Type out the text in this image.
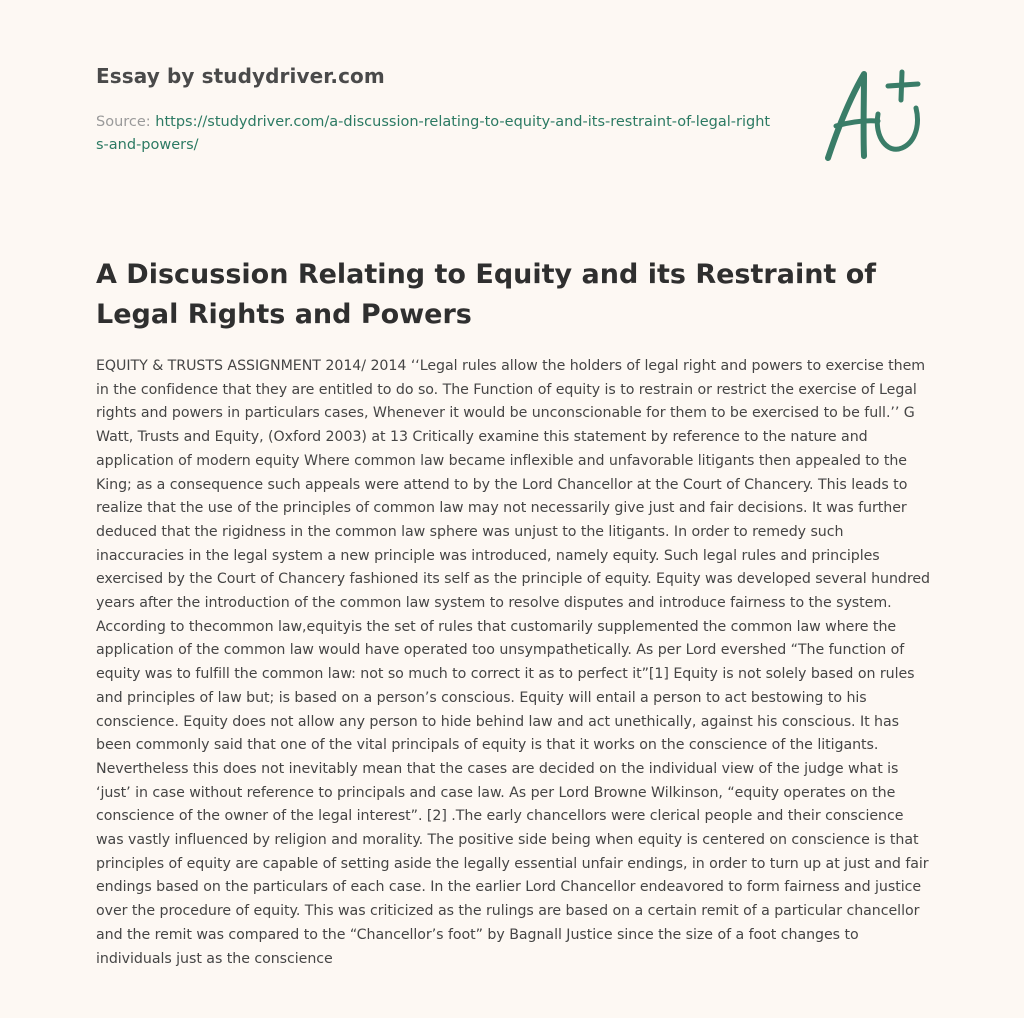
Essay by studydriver.com
Source: https://studydriver.com/a-discussion-relating-to-equity-and-its-restraint-of-legal-rights-and-powers/
A Discussion Relating to Equity and its Restraint of Legal Rights and Powers

EQUITY & TRUSTS ASSIGNMENT 2014/ 2014 ‘‘Legal rules allow the holders of legal right and powers to exercise them in the confidence that they are entitled to do so. The Function of equity is to restrain or restrict the exercise of Legal rights and powers in particulars cases, Whenever it would be unconscionable for them to be exercised to be full.’’ G Watt, Trusts and Equity, (Oxford 2003) at 13 Critically examine this statement by reference to the nature and application of modern equity Where common law became inflexible and unfavorable litigants then appealed to the King; as a consequence such appeals were attend to by the Lord Chancellor at the Court of Chancery. This leads to realize that the use of the principles of common law may not necessarily give just and fair decisions. It was further deduced that the rigidness in the common law sphere was unjust to the litigants. In order to remedy such inaccuracies in the legal system a new principle was introduced, namely equity. Such legal rules and principles exercised by the Court of Chancery fashioned its self as the principle of equity. Equity was developed several hundred years after the introduction of the common law system to resolve disputes and introduce fairness to the system. According to thecommon law,equityis the set of rules that customarily supplemented the common law where the application of the common law would have operated too unsympathetically. As per Lord evershed “The function of equity was to fulfill the common law: not so much to correct it as to perfect it”[1] Equity is not solely based on rules and principles of law but; is based on a person’s conscious. Equity will entail a person to act bestowing to his conscience. Equity does not allow any person to hide behind law and act unethically, against his conscious. It has been commonly said that one of the vital principals of equity is that it works on the conscience of the litigants. Nevertheless this does not inevitably mean that the cases are decided on the individual view of the judge what is ‘just’ in case without reference to principals and case law. As per Lord Browne Wilkinson, “equity operates on the conscience of the owner of the legal interest”. [2] .The early chancellors were clerical people and their conscience was vastly influenced by religion and morality. The positive side being when equity is centered on conscience is that principles of equity are capable of setting aside the legally essential unfair endings, in order to turn up at just and fair endings based on the particulars of each case. In the earlier Lord Chancellor endeavored to form fairness and justice over the procedure of equity. This was criticized as the rulings are based on a certain remit of a particular chancellor and the remit was compared to the “Chancellor’s foot” by Bagnall Justice since the size of a foot changes to individuals just as the conscience
